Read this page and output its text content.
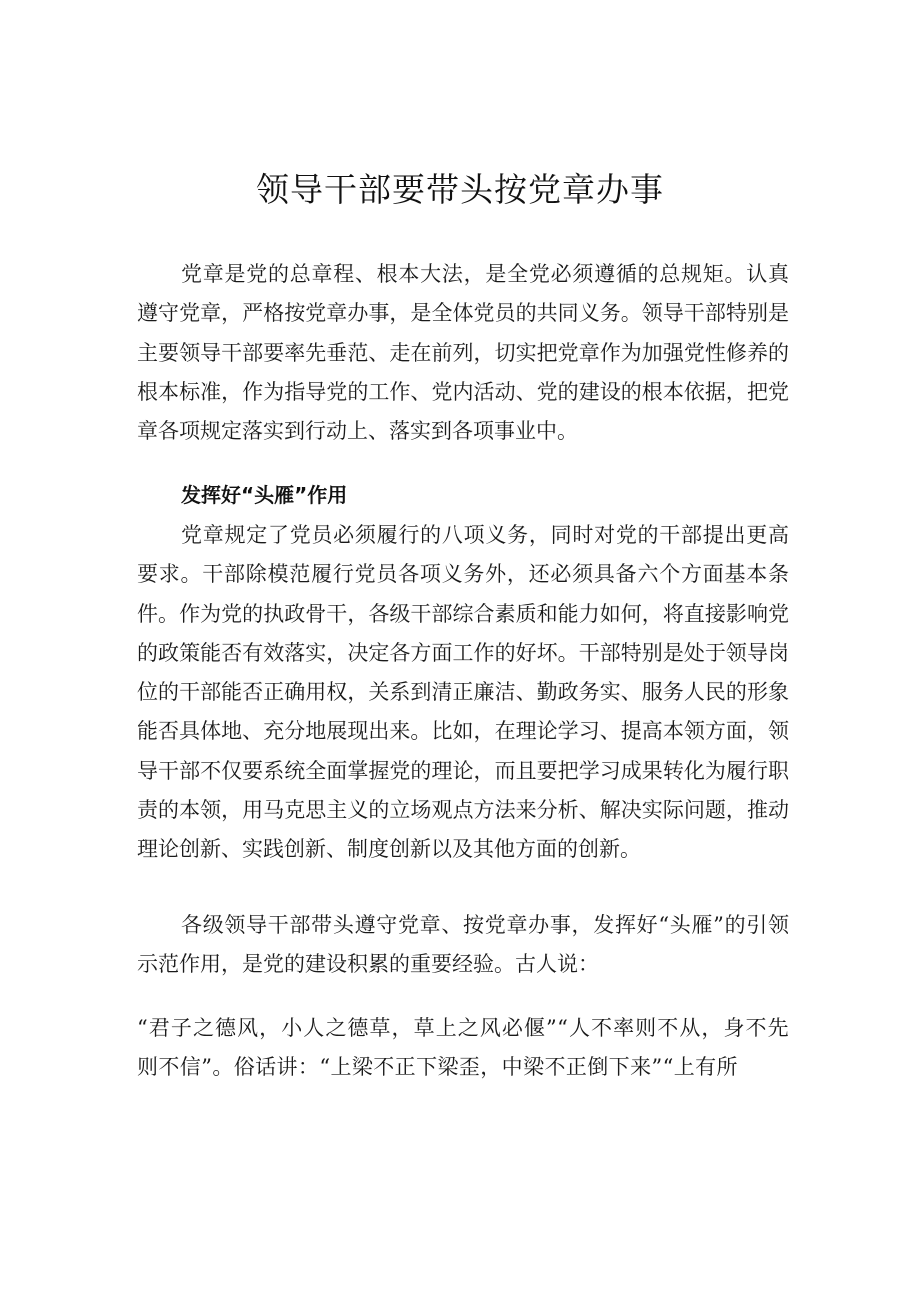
领导干部要带头按党章办事

党章是党的总章程、根本大法，是全党必须遵循的总规矩。认真遵守党章，严格按党章办事，是全体党员的共同义务。领导干部特别是主要领导干部要率先垂范、走在前列，切实把党章作为加强党性修养的根本标准，作为指导党的工作、党内活动、党的建设的根本依据，把党章各项规定落实到行动上、落实到各项事业中。

发挥好“头雁”作用

党章规定了党员必须履行的八项义务，同时对党的干部提出更高要求。干部除模范履行党员各项义务外，还必须具备六个方面基本条件。作为党的执政骨干，各级干部综合素质和能力如何，将直接影响党的政策能否有效落实，决定各方面工作的好坏。干部特别是处于领导岗位的干部能否正确用权，关系到清正廉洁、勤政务实、服务人民的形象能否具体地、充分地展现出来。比如，在理论学习、提高本领方面，领导干部不仅要系统全面掌握党的理论，而且要把学习成果转化为履行职责的本领，用马克思主义的立场观点方法来分析、解决实际问题，推动理论创新、实践创新、制度创新以及其他方面的创新。

各级领导干部带头遵守党章、按党章办事，发挥好“头雁”的引领示范作用，是党的建设积累的重要经验。古人说：

“君子之德风，小人之德草，草上之风必偃”“人不率则不从，身不先则不信”。俗话讲：“上梁不正下梁歪，中梁不正倒下来”“上有所
